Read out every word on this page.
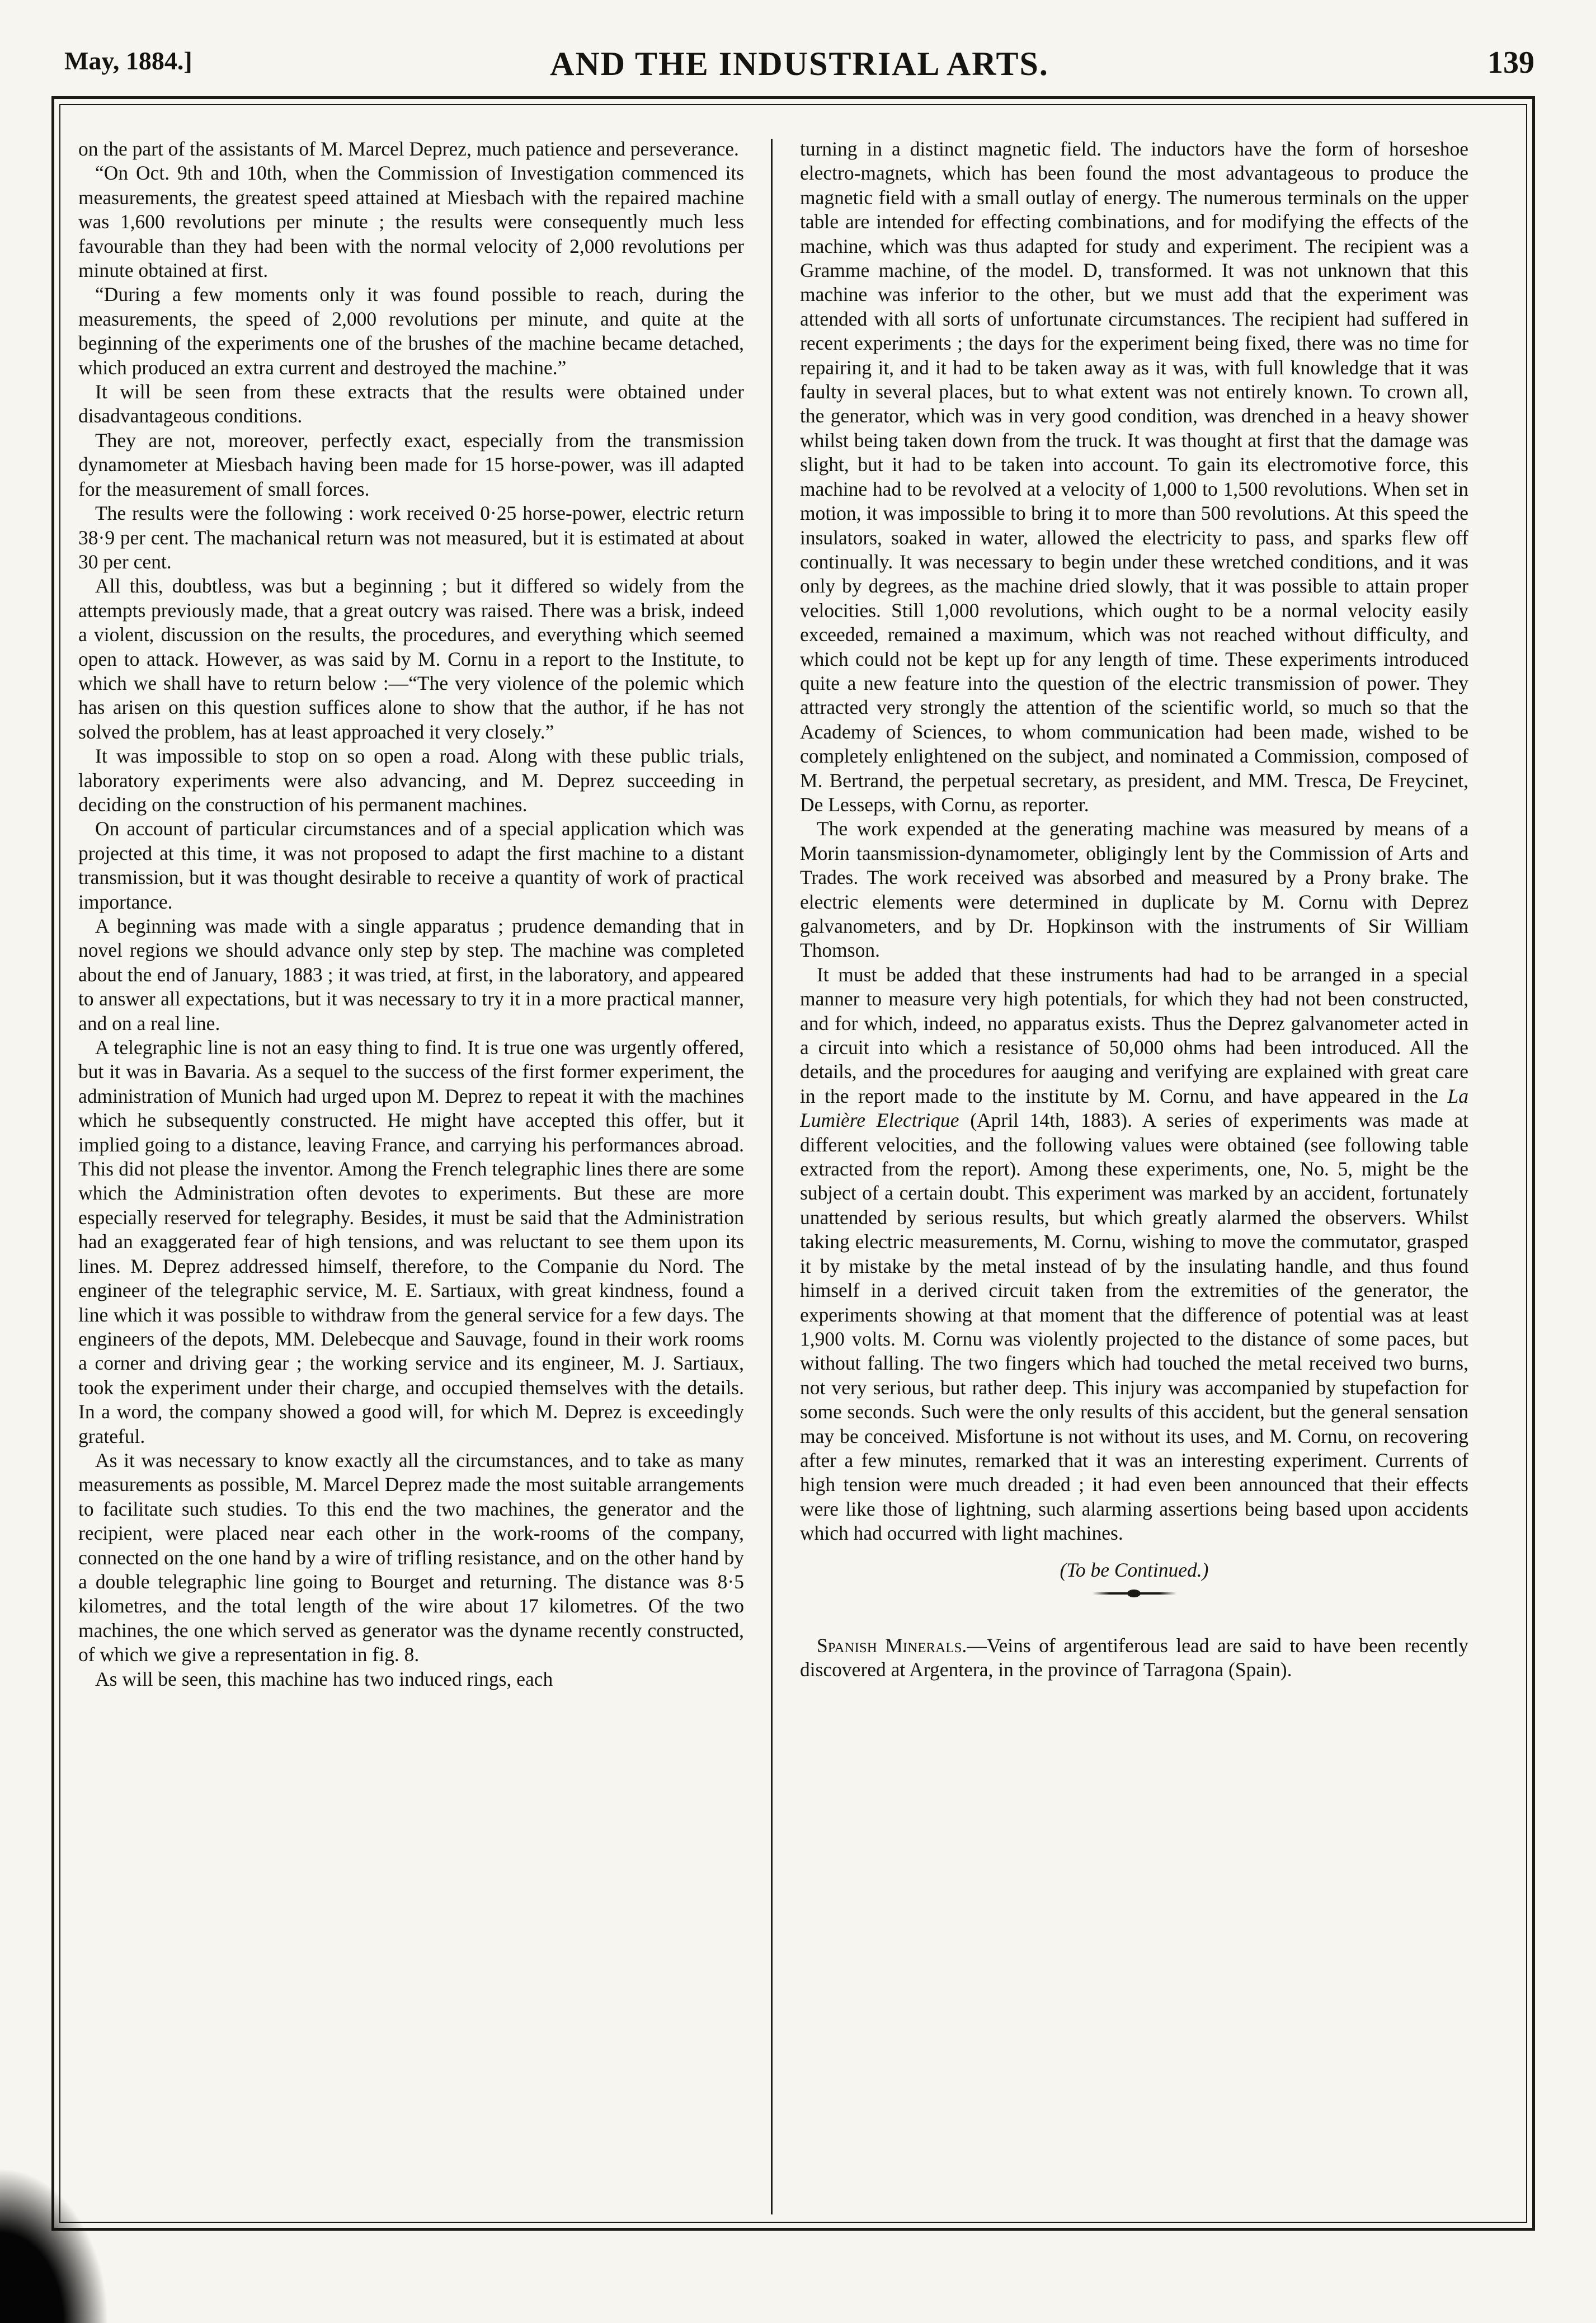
May, 1884.]	AND THE INDUSTRIAL ARTS.	139

on the part of the assistants of M. Marcel Deprez, much patience and perseverance.

“On Oct. 9th and 10th, when the Commission of Investigation commenced its measurements, the greatest speed attained at Miesbach with the repaired machine was 1,600 revolutions per minute ; the results were consequently much less favourable than they had been with the normal velocity of 2,000 revolutions per minute obtained at first.

“During a few moments only it was found possible to reach, during the measurements, the speed of 2,000 revolutions per minute, and quite at the beginning of the experiments one of the brushes of the machine became detached, which produced an extra current and destroyed the machine.”

It will be seen from these extracts that the results were obtained under disadvantageous conditions.

They are not, moreover, perfectly exact, especially from the transmission dynamometer at Miesbach having been made for 15 horse-power, was ill adapted for the measurement of small forces.

The results were the following : work received 0·25 horse-power, electric return 38·9 per cent. The machanical return was not measured, but it is estimated at about 30 per cent.

All this, doubtless, was but a beginning ; but it differed so widely from the attempts previously made, that a great outcry was raised. There was a brisk, indeed a violent, discussion on the results, the procedures, and everything which seemed open to attack. However, as was said by M. Cornu in a report to the Institute, to which we shall have to return below :—“The very violence of the polemic which has arisen on this question suffices alone to show that the author, if he has not solved the problem, has at least approached it very closely.”

It was impossible to stop on so open a road. Along with these public trials, laboratory experiments were also advancing, and M. Deprez succeeding in deciding on the construction of his permanent machines.

On account of particular circumstances and of a special application which was projected at this time, it was not proposed to adapt the first machine to a distant transmission, but it was thought desirable to receive a quantity of work of practical importance.

A beginning was made with a single apparatus ; prudence demanding that in novel regions we should advance only step by step. The machine was completed about the end of January, 1883 ; it was tried, at first, in the laboratory, and appeared to answer all expectations, but it was necessary to try it in a more practical manner, and on a real line.

A telegraphic line is not an easy thing to find. It is true one was urgently offered, but it was in Bavaria. As a sequel to the success of the first former experiment, the administration of Munich had urged upon M. Deprez to repeat it with the machines which he subsequently constructed. He might have accepted this offer, but it implied going to a distance, leaving France, and carrying his performances abroad. This did not please the inventor. Among the French telegraphic lines there are some which the Administration often devotes to experiments. But these are more especially reserved for telegraphy. Besides, it must be said that the Administration had an exaggerated fear of high tensions, and was reluctant to see them upon its lines. M. Deprez addressed himself, therefore, to the Companie du Nord. The engineer of the telegraphic service, M. E. Sartiaux, with great kindness, found a line which it was possible to withdraw from the general service for a few days. The engineers of the depots, MM. Delebecque and Sauvage, found in their work rooms a corner and driving gear ; the working service and its engineer, M. J. Sartiaux, took the experiment under their charge, and occupied themselves with the details. In a word, the company showed a good will, for which M. Deprez is exceedingly grateful.

As it was necessary to know exactly all the circumstances, and to take as many measurements as possible, M. Marcel Deprez made the most suitable arrangements to facilitate such studies. To this end the two machines, the generator and the recipient, were placed near each other in the work-rooms of the company, connected on the one hand by a wire of trifling resistance, and on the other hand by a double telegraphic line going to Bourget and returning. The distance was 8·5 kilometres, and the total length of the wire about 17 kilometres. Of the two machines, the one which served as generator was the dyname recently constructed, of which we give a representation in fig. 8.

As will be seen, this machine has two induced rings, each

turning in a distinct magnetic field. The inductors have the form of horseshoe electro-magnets, which has been found the most advantageous to produce the magnetic field with a small outlay of energy. The numerous terminals on the upper table are intended for effecting combinations, and for modifying the effects of the machine, which was thus adapted for study and experiment. The recipient was a Gramme machine, of the model. D, transformed. It was not unknown that this machine was inferior to the other, but we must add that the experiment was attended with all sorts of unfortunate circumstances. The recipient had suffered in recent experiments ; the days for the experiment being fixed, there was no time for repairing it, and it had to be taken away as it was, with full knowledge that it was faulty in several places, but to what extent was not entirely known. To crown all, the generator, which was in very good condition, was drenched in a heavy shower whilst being taken down from the truck. It was thought at first that the damage was slight, but it had to be taken into account. To gain its electromotive force, this machine had to be revolved at a velocity of 1,000 to 1,500 revolutions. When set in motion, it was impossible to bring it to more than 500 revolutions. At this speed the insulators, soaked in water, allowed the electricity to pass, and sparks flew off continually. It was necessary to begin under these wretched conditions, and it was only by degrees, as the machine dried slowly, that it was possible to attain proper velocities. Still 1,000 revolutions, which ought to be a normal velocity easily exceeded, remained a maximum, which was not reached without difficulty, and which could not be kept up for any length of time. These experiments introduced quite a new feature into the question of the electric transmission of power. They attracted very strongly the attention of the scientific world, so much so that the Academy of Sciences, to whom communication had been made, wished to be completely enlightened on the subject, and nominated a Commission, composed of M. Bertrand, the perpetual secretary, as president, and MM. Tresca, De Freycinet, De Lesseps, with Cornu, as reporter.

The work expended at the generating machine was measured by means of a Morin taansmission-dynamometer, obligingly lent by the Commission of Arts and Trades. The work received was absorbed and measured by a Prony brake. The electric elements were determined in duplicate by M. Cornu with Deprez galvanometers, and by Dr. Hopkinson with the instruments of Sir William Thomson.

It must be added that these instruments had had to be arranged in a special manner to measure very high potentials, for which they had not been constructed, and for which, indeed, no apparatus exists. Thus the Deprez galvanometer acted in a circuit into which a resistance of 50,000 ohms had been introduced. All the details, and the procedures for aauging and verifying are explained with great care in the report made to the institute by M. Cornu, and have appeared in the La Lumière Electrique (April 14th, 1883). A series of experiments was made at different velocities, and the following values were obtained (see following table extracted from the report). Among these experiments, one, No. 5, might be the subject of a certain doubt. This experiment was marked by an accident, fortunately unattended by serious results, but which greatly alarmed the observers. Whilst taking electric measurements, M. Cornu, wishing to move the commutator, grasped it by mistake by the metal instead of by the insulating handle, and thus found himself in a derived circuit taken from the extremities of the generator, the experiments showing at that moment that the difference of potential was at least 1,900 volts. M. Cornu was violently projected to the distance of some paces, but without falling. The two fingers which had touched the metal received two burns, not very serious, but rather deep. This injury was accompanied by stupefaction for some seconds. Such were the only results of this accident, but the general sensation may be conceived. Misfortune is not without its uses, and M. Cornu, on recovering after a few minutes, remarked that it was an interesting experiment. Currents of high tension were much dreaded ; it had even been announced that their effects were like those of lightning, such alarming assertions being based upon accidents which had occurred with light machines.

(To be Continued.)

Spanish Minerals.—Veins of argentiferous lead are said to have been recently discovered at Argentera, in the province of Tarragona (Spain).
